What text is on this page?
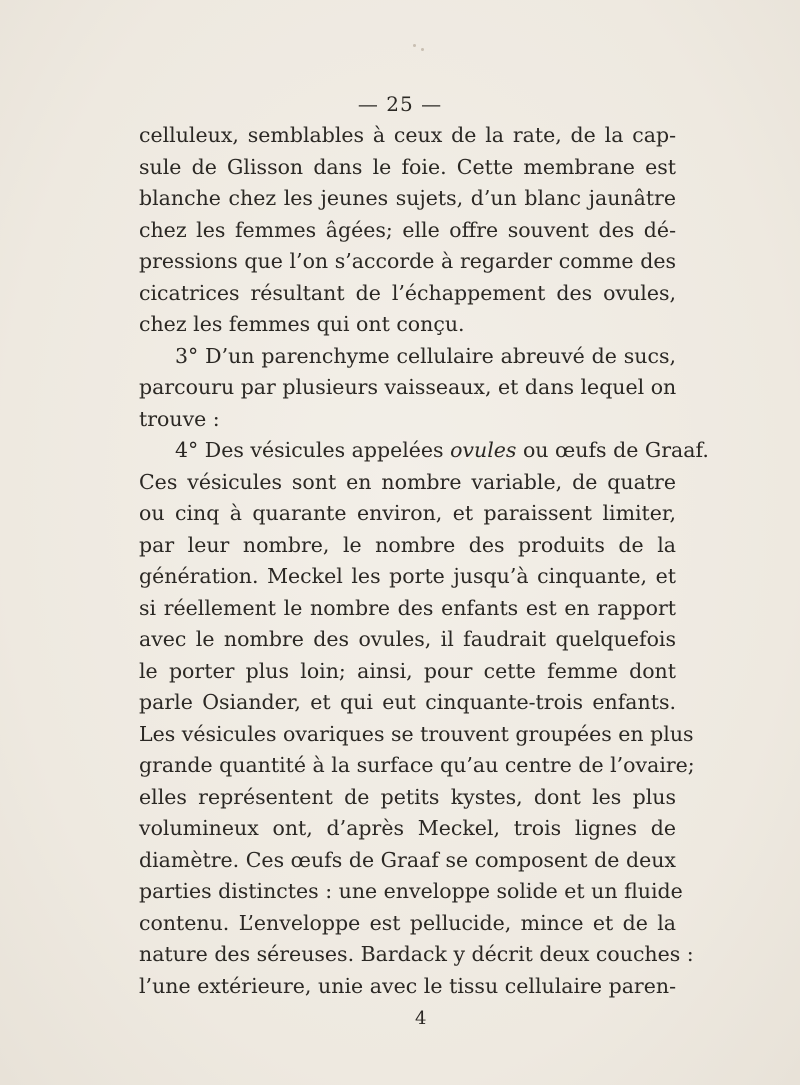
— 25 —
celluleux, semblables à ceux de la rate, de la cap-
sule de Glisson dans le foie. Cette membrane est
blanche chez les jeunes sujets, d’un blanc jaunâtre
chez les femmes âgées; elle offre souvent des dé-
pressions que l’on s’accorde à regarder comme des
cicatrices résultant de l’échappement des ovules,
chez les femmes qui ont conçu.
3° D’un parenchyme cellulaire abreuvé de sucs,
parcouru par plusieurs vaisseaux, et dans lequel on
trouve :
4° Des vésicules appelées ovules ou œufs de Graaf.
Ces vésicules sont en nombre variable, de quatre
ou cinq à quarante environ, et paraissent limiter,
par leur nombre, le nombre des produits de la
génération. Meckel les porte jusqu’à cinquante, et
si réellement le nombre des enfants est en rapport
avec le nombre des ovules, il faudrait quelquefois
le porter plus loin; ainsi, pour cette femme dont
parle Osiander, et qui eut cinquante-trois enfants.
Les vésicules ovariques se trouvent groupées en plus
grande quantité à la surface qu’au centre de l’ovaire;
elles représentent de petits kystes, dont les plus
volumineux ont, d’après Meckel, trois lignes de
diamètre. Ces œufs de Graaf se composent de deux
parties distinctes : une enveloppe solide et un fluide
contenu. L’enveloppe est pellucide, mince et de la
nature des séreuses. Bardack y décrit deux couches :
l’une extérieure, unie avec le tissu cellulaire paren-
4
